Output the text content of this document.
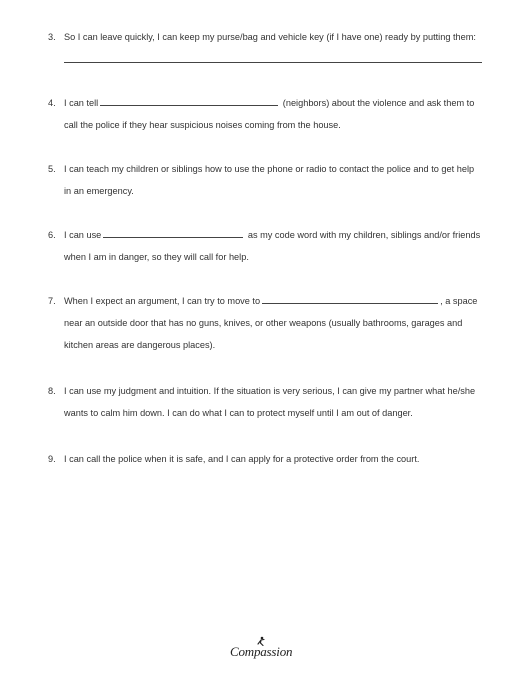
3. So I can leave quickly, I can keep my purse/bag and vehicle key (if I have one) ready by putting them:
4. I can tell	(neighbors) about the violence and ask them to
call the police if they hear suspicious noises coming from the house.
5. I can teach my children or siblings how to use the phone or radio to contact the police and to get help
in an emergency.
6. I can use	as my code word with my children, siblings and/or friends
when I am in danger, so they will call for help.
7. When I expect an argument, I can try to move to	, a space
near an outside door that has no guns, knives, or other weapons (usually bathrooms, garages and
kitchen areas are dangerous places).
8. I can use my judgment and intuition. If the situation is very serious, I can give my partner what he/she
wants to calm him down. I can do what I can to protect myself until I am out of danger.
9. I can call the police when it is safe, and I can apply for a protective order from the court.
Compassion
